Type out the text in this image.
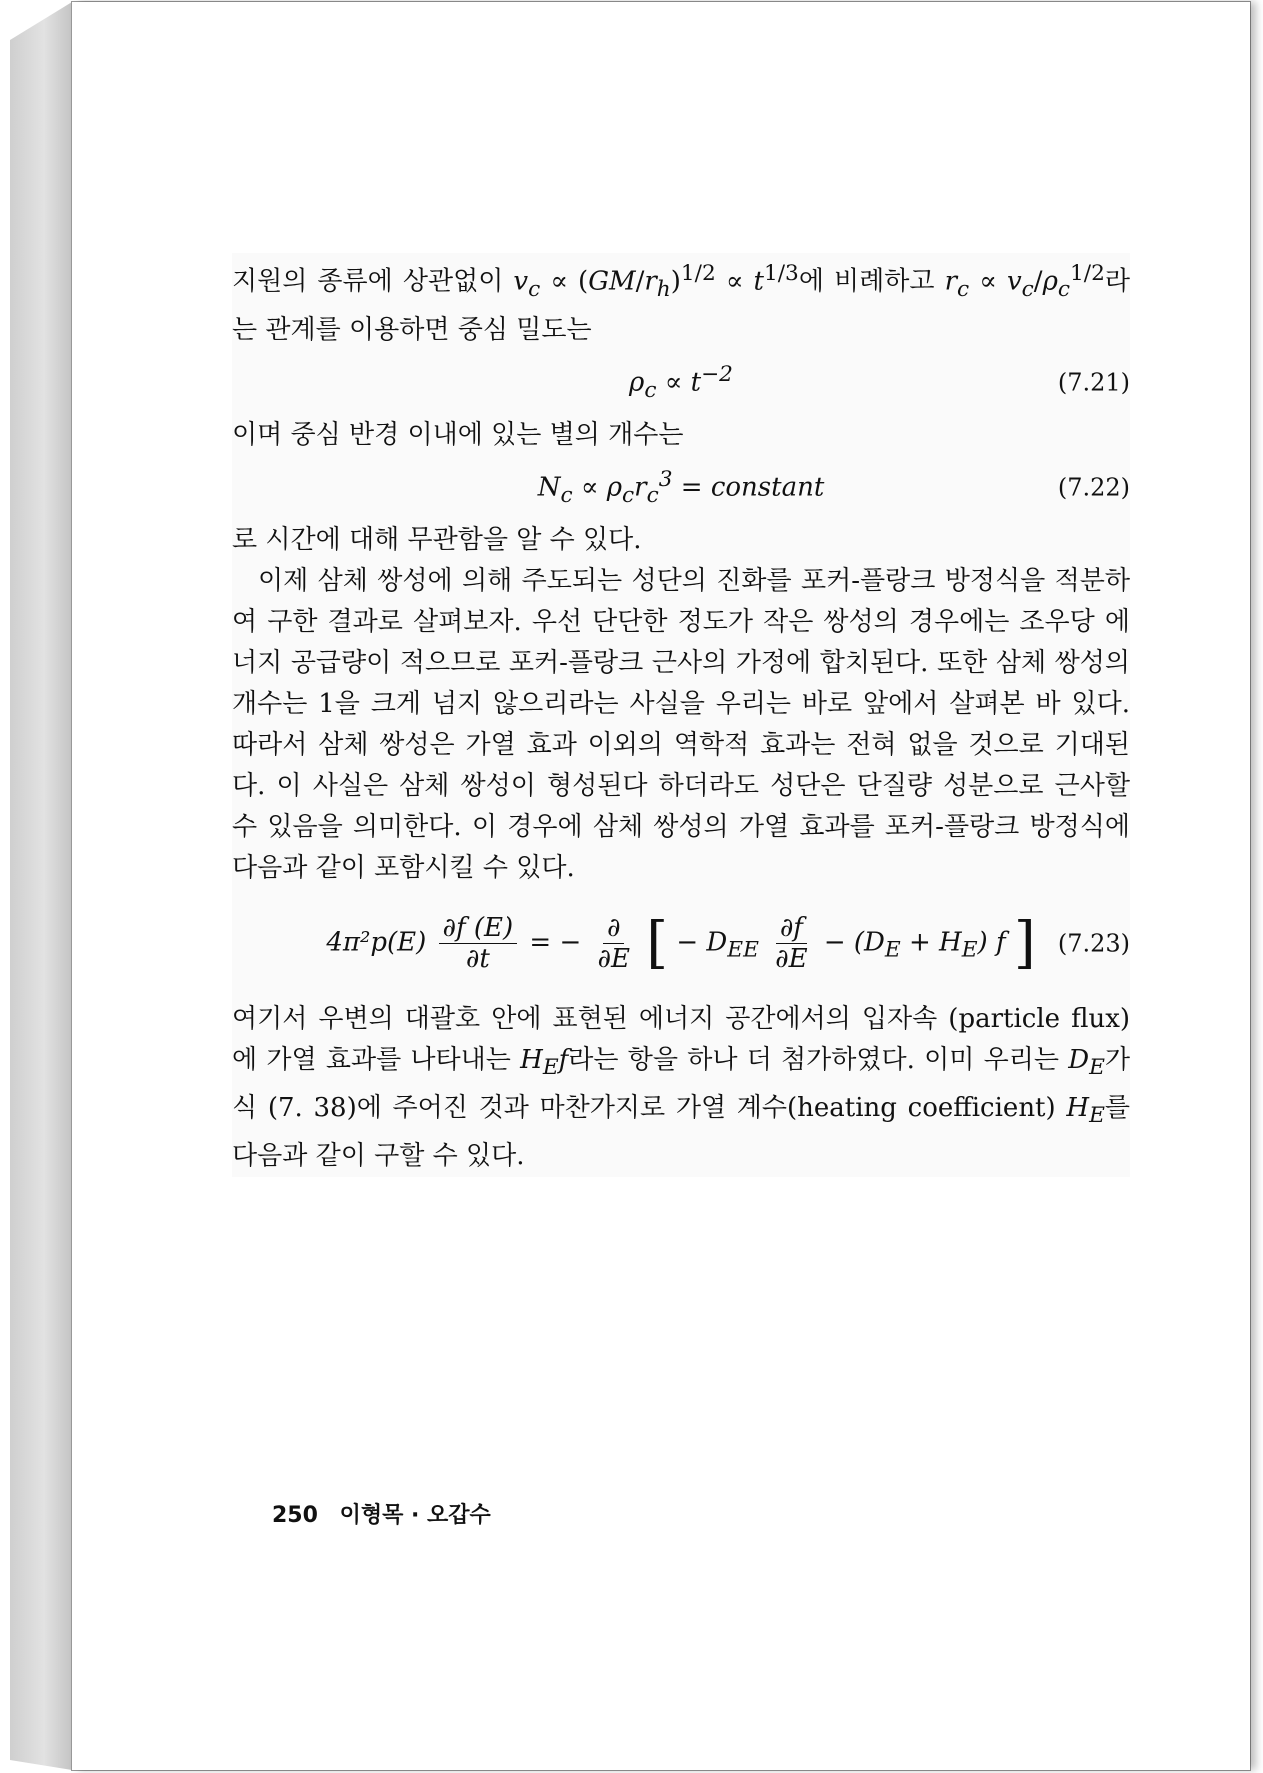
지원의 종류에 상관없이 $v_c \propto (GM/r_h)^{1/2} \propto t^{1/3}$에 비례하고 $r_c \propto v_c/\rho_c^{1/2}$라는 관계를 이용하면 중심 밀도는

$\rho_c \propto t^{-2}$	(7.21)

이며 중심 반경 이내에 있는 별의 개수는

$N_c \propto \rho_cr_c^3$ = constant	(7.22)

로 시간에 대해 무관함을 알 수 있다.

이제 삼체 쌍성에 의해 주도되는 성단의 진화를 포커-플랑크 방정식을 적분하여 구한 결과로 살펴보자. 우선 단단한 정도가 작은 쌍성의 경우에는 조우당 에너지 공급량이 적으므로 포커-플랑크 근사의 가정에 합치된다. 또한 삼체 쌍성의 개수는 1을 크게 넘지 않으리라는 사실을 우리는 바로 앞에서 살펴본 바 있다. 따라서 삼체 쌍성은 가열 효과 이외의 역학적 효과는 전혀 없을 것으로 기대된다. 이 사실은 삼체 쌍성이 형성된다 하더라도 성단은 단질량 성분으로 근사할 수 있음을 의미한다. 이 경우에 삼체 쌍성의 가열 효과를 포커-플랑크 방정식에 다음과 같이 포함시킬 수 있다.

$4\pi^2p(E) \frac{\partial f (E)}{\partial t}$ = − $\frac{\partial}{\partial E}$ [ − $D_{EE} \frac{\partial f}{\partial E} - (D_E + H_E)$ f ] (7.23)

여기서 우변의 대괄호 안에 표현된 에너지 공간에서의 입자속 (particle flux)에 가열 효과를 나타내는 $H_Ef$라는 항을 하나 더 첨가하였다. 이미 우리는 $D_E$가 식 (7. 38)에 주어진 것과 마찬가지로 가열 계수(heating coefficient) $H_E$를 다음과 같이 구할 수 있다.

250 이형목 · 오갑수
